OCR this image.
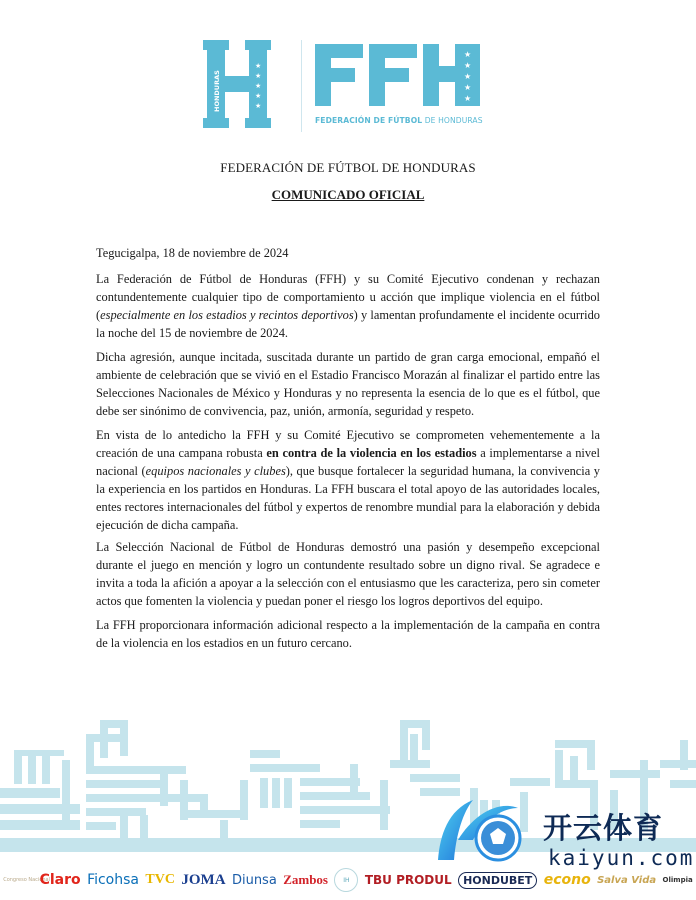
★
★
★
★
★
HONDURAS
★
★
★
★
★
FEDERACIÓN DE FÚTBOL DE HONDURAS
FEDERACIÓN DE FÚTBOL DE HONDURAS
COMUNICADO OFICIAL
Tegucigalpa, 18 de noviembre de 2024
La Federación de Fútbol de Honduras (FFH) y su Comité Ejecutivo condenan y rechazan contundentemente cualquier tipo de comportamiento u acción que implique violencia en el fútbol (especialmente en los estadios y recintos deportivos) y lamentan profundamente el incidente ocurrido la noche del 15 de noviembre de 2024.
Dicha agresión, aunque incitada, suscitada durante un partido de gran carga emocional, empañó el ambiente de celebración que se vivió en el Estadio Francisco Morazán al finalizar el partido entre las Selecciones Nacionales de México y Honduras y no representa la esencia de lo que es el fútbol, que debe ser sinónimo de convivencia, paz, unión, armonía, seguridad y respeto.
En vista de lo antedicho la FFH y su Comité Ejecutivo se comprometen vehementemente a la creación de una campana robusta en contra de la violencia en los estadios a implementarse a nivel nacional (equipos nacionales y clubes), que busque fortalecer la seguridad humana, la convivencia y la experiencia en los partidos en Honduras. La FFH buscara el total apoyo de las autoridades locales, entes rectores internacionales del fútbol y expertos de renombre mundial para la elaboración y debida ejecución de dicha campaña.
La Selección Nacional de Fútbol de Honduras demostró una pasión y desempeño excepcional durante el juego en mención y logro un contundente resultado sobre un digno rival. Se agradece e invita a toda la afición a apoyar a la selección con el entusiasmo que les caracteriza, pero sin cometer actos que fomenten la violencia y puedan poner el riesgo los logros deportivos del equipo.
La FFH proporcionara información adicional respecto a la implementación de la campaña en contra de la violencia en los estadios en un futuro cercano.
开云体育
kaiyun.com
Congreso Nacional
Claro Ficohsa TVC JOMA Diunsa Zambos	IH	TBU PRODUL	HONDUBET econo Salva Vida Olimpia
